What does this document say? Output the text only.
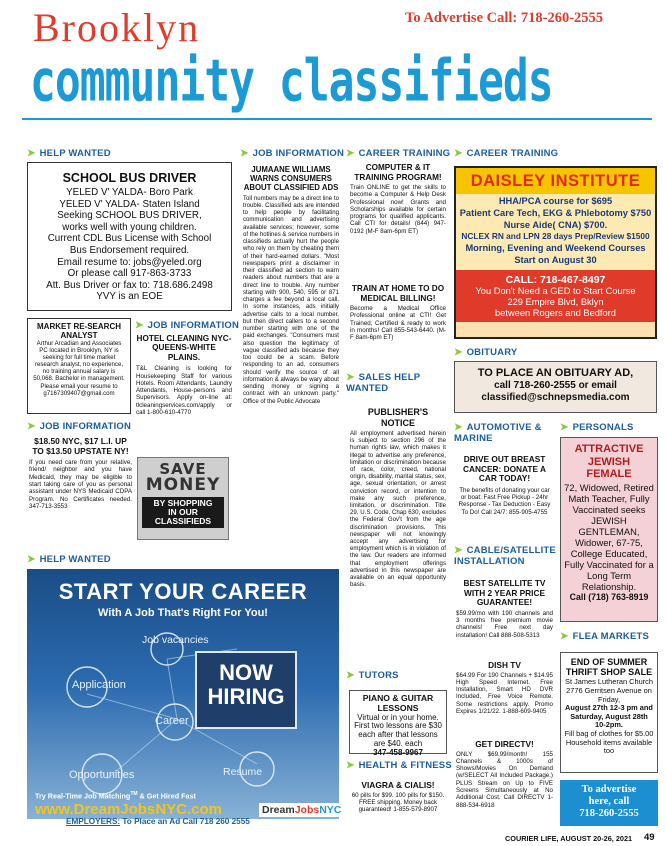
Brooklyn	To Advertise Call: 718-260-2555
community classifieds
➤ HELP WANTED	➤ JOB INFORMATION ➤ CAREER TRAINING ➤ CAREER TRAINING
➤ JOB INFORMATION
➤ JOB INFORMATION
➤ SALES HELP WANTED
➤ OBITUARY
➤ AUTOMOTIVE & MARINE
➤ PERSONALS
➤ CABLE/SATELLITE INSTALLATION
➤ HELP WANTED
➤ TUTORS
➤ FLEA MARKETS
➤ HEALTH & FITNESS
SCHOOL BUS DRIVER
YELED V' YALDA- Boro Park
YELED V' YALDA- Staten Island
Seeking SCHOOL BUS DRIVER,
works well with young children.
Current CDL Bus License with School
Bus Endorsement required.
Email resume to: jobs@yeled.org
Or please call 917-863-3733
Att. Bus Driver or fax to: 718.686.2498
YVY is an EOE
MARKET RE-SEARCH ANALYST
Arthur Arcadian and Associates PC located in Brooklyn, NY is seeking for full time market research analyst, no experience, no training annual salary is 50,068. Bachelor in management. Please email your resume to g7167309407@gmail.com
HOTEL CLEANING NYC- QUEENS-WHITE PLAINS.
T&L Cleaning is looking for Housekeeping Staff for various Hotels. Room Attendants, Laundry Attendants, House-persons and Supervisors. Apply on-line at: tlcleaningservices.com/apply or call 1-800-610-4770
$18.50 NYC, $17 L.I. UP TO $13.50 UPSTATE NY!
If you need care from your relative, friend/ neighbor and you have Medicaid, they may be eligible to start taking care of you as personal assistant under NYS Medicaid CDPA Program. No Certificates needed. 347-713-3553
SAVE
MONEY
BY SHOPPING
IN OUR
CLASSIFIEDS
JUMAANE WILLIAMS WARNS CONSUMERS ABOUT CLASSIFIED ADS
Toll numbers may be a direct line to trouble. Classified ads are intended to help people by facilitating communication and advertising available services; however, some of the hotlines & service numbers in classifieds actually hurt the people who rely on them by cheating them of their hard-earned dollars. "Most newspapers print a disclaimer in their classified ad section to warn readers about numbers that are a direct line to trouble. Any number starting with 900, 540, 595 or 871 charges a fee beyond a local call. In some instances, ads initially advertise calls to a local number, but then direct callers to a second number starting with one of the paid exchanges. "Consumers must also question the legitimacy of vague classified ads because they too could be a scam. Before responding to an ad, consumers should verify the source of all information & always be wary about sending money or signing a contract with an unknown party." Office of the Public Advocate
COMPUTER & IT TRAINING PROGRAM!
Train ONLINE to get the skills to become a Computer & Help Desk Professional now! Grants and Scholarships available for certain programs for qualified applicants. Call CTI for details! (844) 947-0192 (M-F 8am-6pm ET)
TRAIN AT HOME TO DO MEDICAL BILLING!
Become a Medical Office Professional online at CTI! Get Trained, Certified & ready to work in months! Call 855-543-6440. (M-F 8am-6pm ET)
PUBLISHER'S NOTICE
All employment advertised herein is subject to section 296 of the human rights law, which makes it illegal to advertise any preference, limitation or discrimination because of race, color, creed, national origin, disability, marital status, sex, age, sexual orientation, or arrest conviction record, or intention to make any such preference, limitation, or discrimination. Title 29, U.S. Code, Chap 630, excludes the Federal Gov't from the age discrimination provisions. This newspaper will not knowingly accept any advertising for employment which is in violation of the law. Our readers are informed that employment offerings advertised in this newspaper are available on an equal opportunity basis.
DAISLEY INSTITUTE
HHA/PCA course for $695
Patient Care Tech, EKG & Phlebotomy $750
Nurse Aide( CNA) $700.
NCLEX RN and LPN 28 days Prep/Review $1500
Morning, Evening and Weekend Courses
Start on August 30
CALL: 718-467-8497
You Don't Need a GED to Start Course
229 Empire Blvd, Bklyn
between Rogers and Bedford
TO PLACE AN OBITUARY AD,
call 718-260-2555 or email
classified@schnepsmedia.com
DRIVE OUT BREAST CANCER: DONATE A CAR TODAY!
The benefits of donating your car or boat: Fast Free Pickup - 24hr Response - Tax Deduction - Easy To Do! Call 24/7: 855-905-4755
ATTRACTIVE JEWISH FEMALE
72, Widowed, Retired Math Teacher, Fully Vaccinated seeks JEWISH GENTLEMAN, Widower, 67-75, College Educated, Fully Vaccinated for a Long Term Relationship.
Call (718) 763-8919
BEST SATELLITE TV WITH 2 YEAR PRICE GUARANTEE!
$59.99/mo with 190 channels and 3 months free premium movie channels! Free next day installation! Call 888-508-5313
DISH TV
$64.99 For 190 Channels + $14.95 High Speed Internet. Free Installation, Smart HD DVR Included, Free Voice Remote. Some restrictions apply. Promo Expires 1/21/22. 1-888-609-9405
GET DIRECTV!
ONLY $69.99/month! 155 Channels & 1000s of Shows/Movies On Demand (w/SELECT All Included Package.) PLUS Stream on Up to FIVE Screens Simultaneously at No Additional Cost. Call DIRECTV 1-888-534-6918
END OF SUMMER THRIFT SHOP SALE
St James Lutheran Church 2776 Gerritsen Avenue on Friday,
August 27th 12-3 pm and Saturday, August 28th 10-2pm.
Fill bag of clothes for $5.00 Household items available too
To advertise
here, call
718-260-2555
PIANO & GUITAR LESSONS
Virtual or in your home. First two lessons are $30 each after that lessons are $40. each
347-458-9967
VIAGRA & CIALIS!
60 pills for $99. 100 pills for $150. FREE shipping. Money back guaranteed! 1-855-579-8907
START YOUR CAREER
With A Job That's Right For You!
Job vacancies
Application
Career
Opportunities	Resume
NOW
HIRING
Try Real-Time Job Matching™ & Get Hired Fast
www.DreamJobsNYC.com	DreamJobsNYC
EMPLOYERS: To Place an Ad Call 718 260 2555
COURIER LIFE, AUGUST 20-26, 2021 49
